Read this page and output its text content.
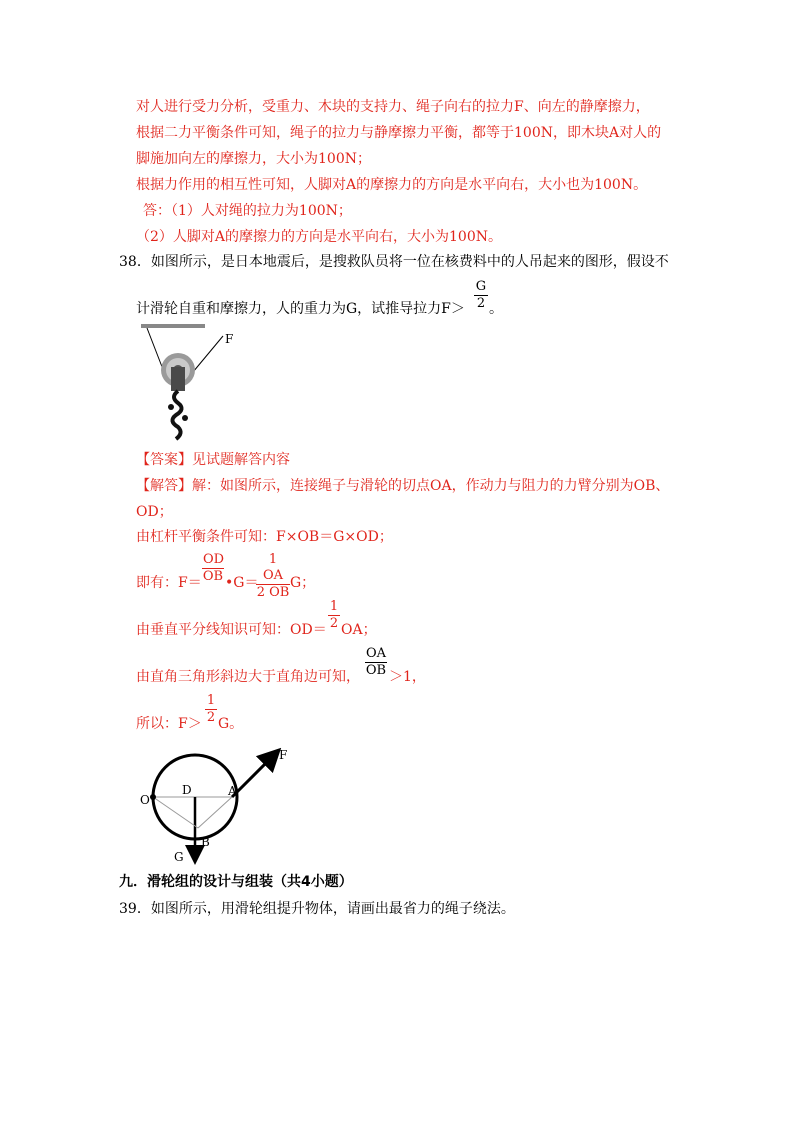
对人进行受力分析，受重力、木块的支持力、绳子向右的拉力F、向左的静摩擦力，
根据二力平衡条件可知，绳子的拉力与静摩擦力平衡，都等于100N，即木块A对人的
脚施加向左的摩擦力，大小为100N；
根据力作用的相互性可知，人脚对A的摩擦力的方向是水平向右，大小也为100N。
答：（1）人对绳的拉力为100N；
（2）人脚对A的摩擦力的方向是水平向右，大小为100N。
38．如图所示，是日本地震后，是搜救队员将一位在核费料中的人吊起来的图形，假设不
计滑轮自重和摩擦力，人的重力为G，试推导拉力$F> \frac{G}{2}$ 。
F
【答案】见试题解答内容
【解答】解：如图所示，连接绳子与滑轮的切点OA，作动力与阻力的力臂分别为OB、
OD；
由杠杆平衡条件可知：F×OB＝G×OD；
即有：$F= \frac{OD}{OB}$ •G＝
$\frac{1 OA}{2 OB}$ G；
由垂直平分线知识可知：$OD= \frac{1}{2}$ OA；
由直角三角形斜边大于直角边可知， $\frac{OA}{OB} >1$，
所以：$F> \frac{1}{2}$ G。
O
D	A
F
B
G
九．滑轮组的设计与组装（共4小题）
39．如图所示，用滑轮组提升物体，请画出最省力的绳子绕法。
